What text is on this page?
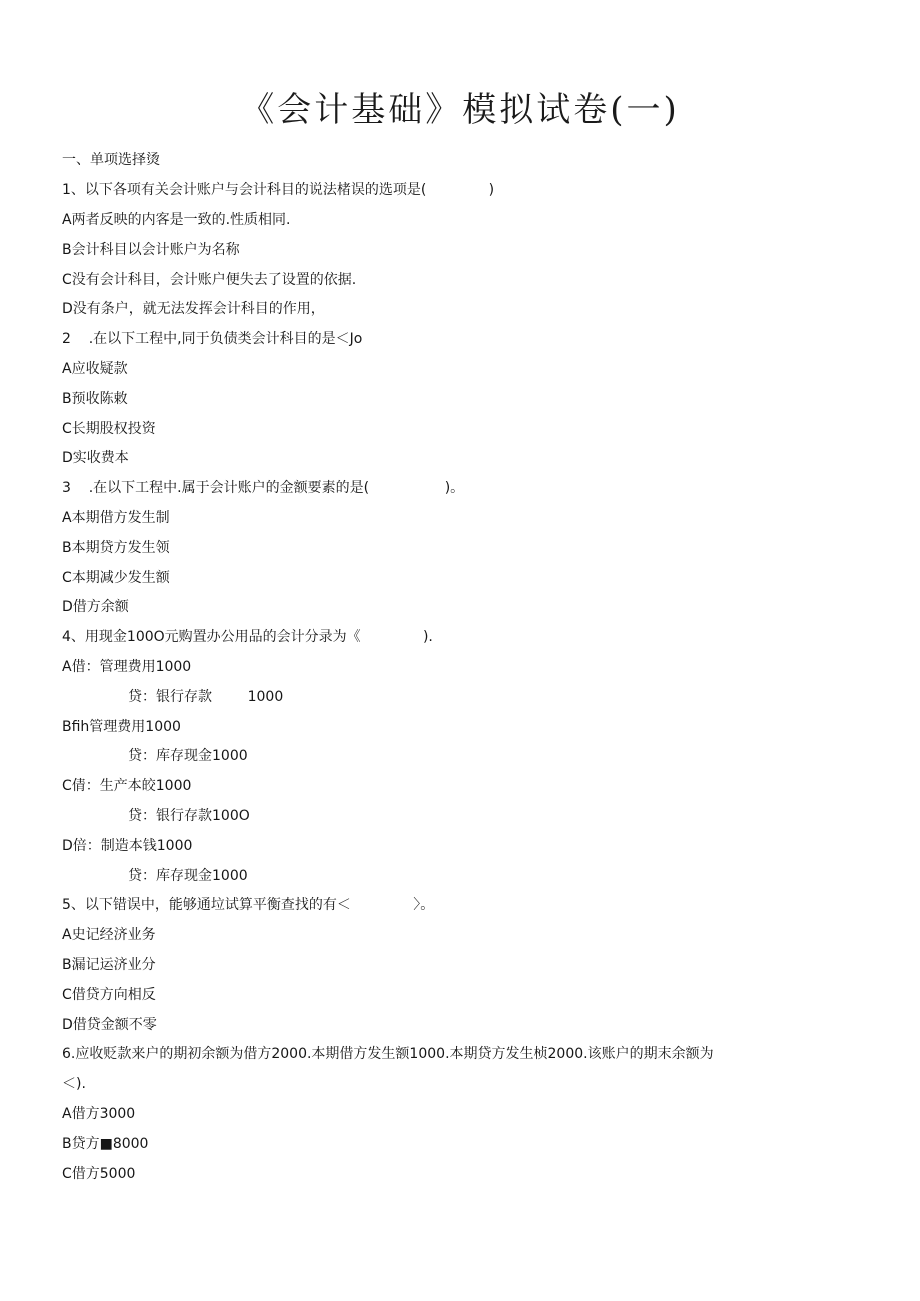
《会计基础》模拟试卷(一)
一、单项选择烫
1、以下各项有关会计账户与会计科目的说法楮误的选项是(              )
A两者反映的内客是一致的.性质相同.
B会计科目以会计账户为名称
C没有会计科目，会计账户便失去了设置的依据.
D没有条户，就无法发挥会计科目的作用，
2    .在以下工程中,同于负债类会计科目的是＜Jo
A应收疑款
B预收陈敕
C长期股权投资
D实收费本
3    .在以下工程中.属于会计账户的金额要素的是(                 )。
A本期借方发生制
B本期贷方发生领
C本期减少发生额
D借方余额
4、用现金100O元购置办公用品的会计分录为《              ).
A借：管理费用1000
贷：银行存款        1000
Bfih管理费用1000
贷：库存现金1000
C倩：生产本皎1000
贷：银行存款100O
D倍：制造本钱1000
贷：库存现金1000
5、以下错误中，能够通垃试算平衡查找的有＜              〉。
A史记经济业务
B漏记运济业分
C借贷方向相反
D借贷金额不零
6.应收贬款来户的期初余额为借方2000.本期借方发生额1000.本期贷方发生桢2000.该账户的期末余额为
＜).
A借方3000
B贷方■8000
C借方5000
